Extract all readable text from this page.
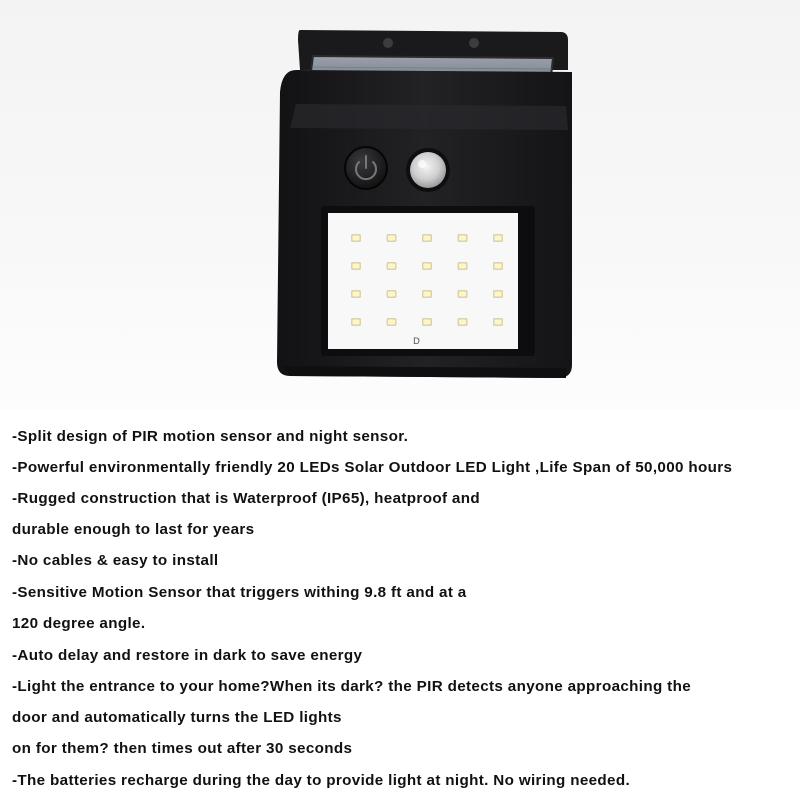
D
-Split design of PIR motion sensor and night sensor.
-Powerful environmentally friendly 20 LEDs Solar Outdoor LED Light ,Life Span of 50,000 hours
-Rugged construction that is Waterproof (IP65), heatproof and
durable enough to last for years
-No cables & easy to install
-Sensitive Motion Sensor that triggers withing 9.8 ft and at a
120 degree angle.
-Auto delay and restore in dark to save energy
-Light the entrance to your home?When its dark? the PIR detects anyone approaching the
door and automatically turns the LED lights
on for them? then times out after 30 seconds
-The batteries recharge during the day to provide light at night. No wiring needed.
